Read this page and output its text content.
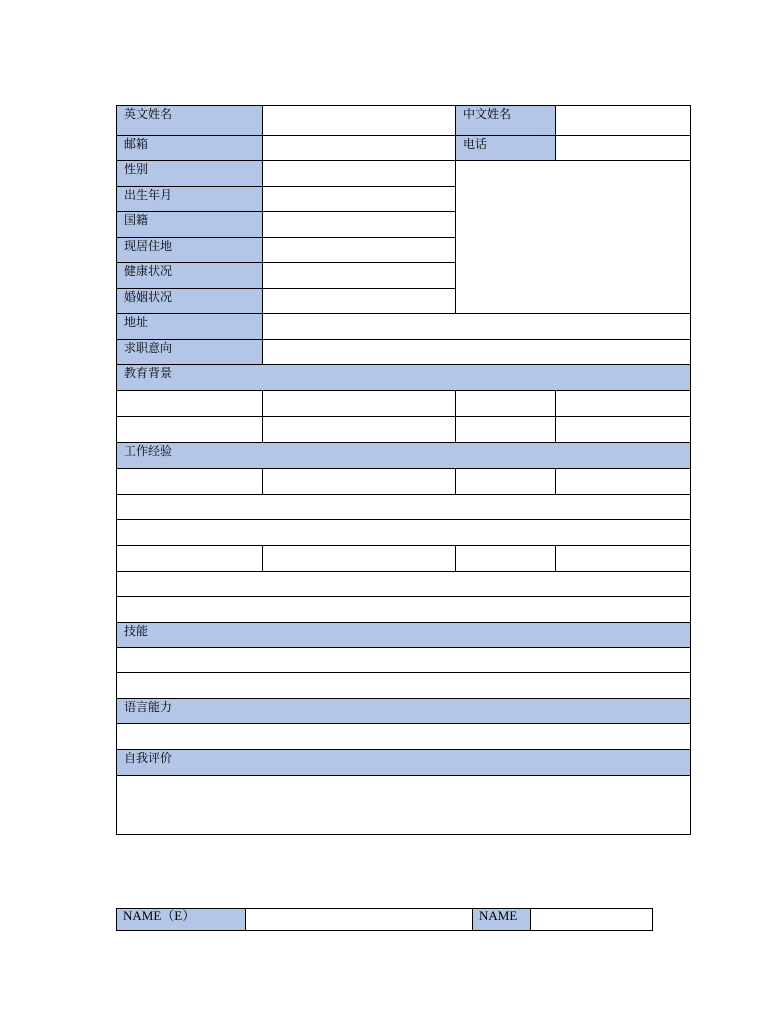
英文姓名	中文姓名
邮箱	电话
性别
出生年月
国籍
现居住地
健康状况
婚姻状况
地址
求职意向
教育背景
工作经验
技能
语言能力
自我评价
NAME（E）	NAME
